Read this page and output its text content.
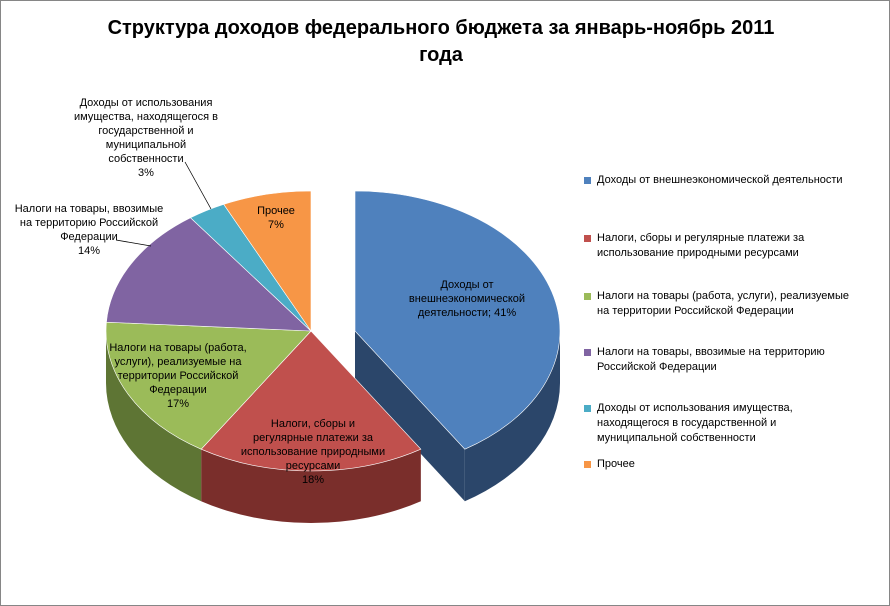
Структура доходов федерального бюджета за январь-ноябрь 2011
года
Доходы от внешнеэкономической деятельности; 41%
Налоги, сборы и регулярные платежи за использование природными ресурсами 18%
Налоги на товары (работа, услуги), реализуемые на территории Российской Федерации 17%
Налоги на товары, ввозимые на территорию Российской Федерации 14%
Доходы от использования имущества, находящегося в государственной и муниципальной собственности 3%
Прочее 7%
Доходы от внешнеэкономической деятельности
Налоги, сборы и регулярные платежи за
использование природными ресурсами
Налоги на товары (работа, услуги), реализуемые
на территории Российской Федерации
Налоги на товары, ввозимые на территорию
Российской Федерации
Доходы от использования имущества,
находящегося в государственной и
муниципальной собственности
Прочее
